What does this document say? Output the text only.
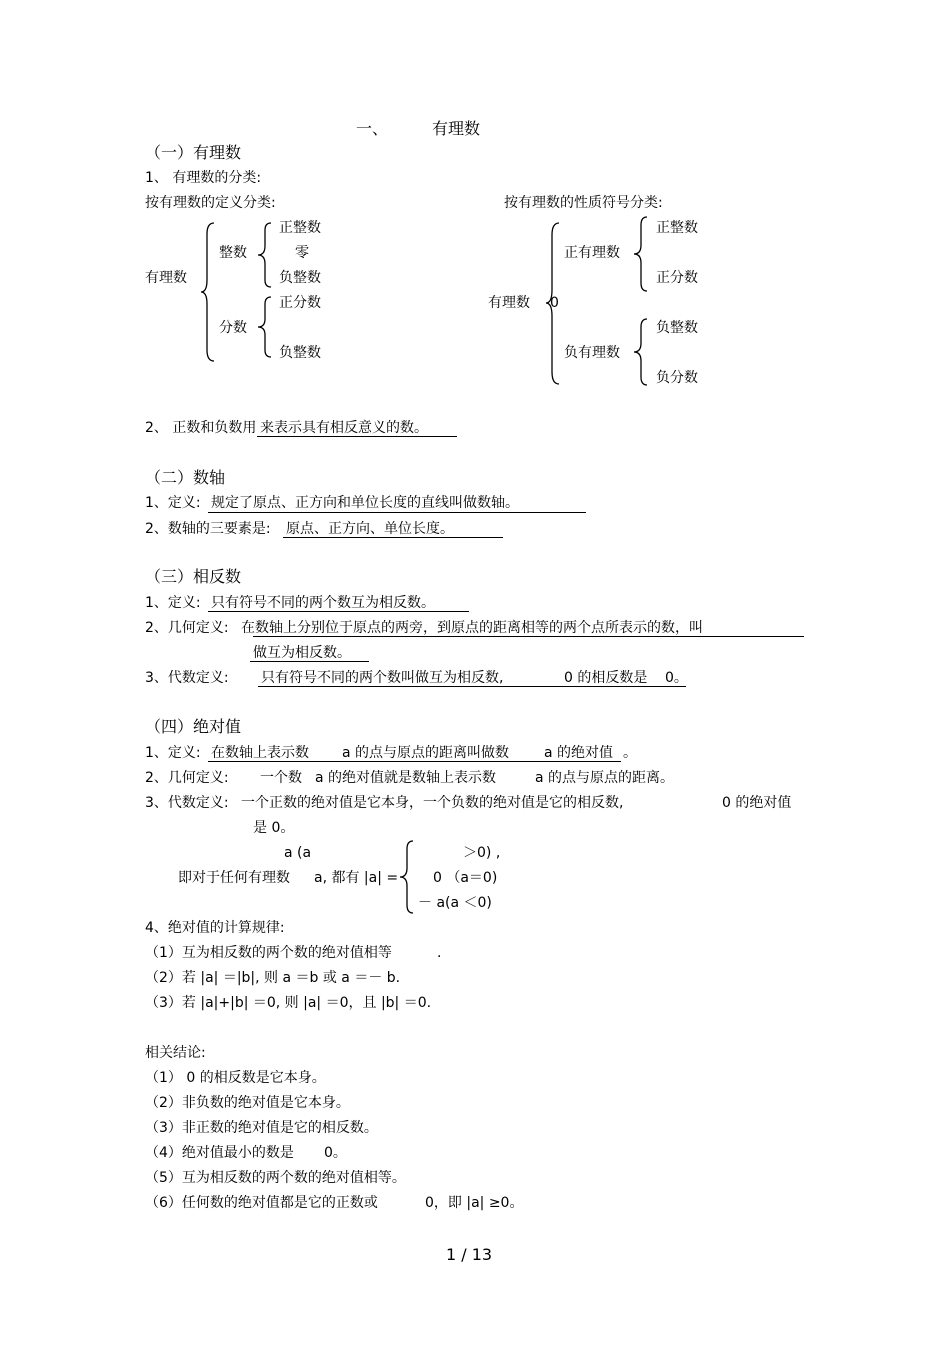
一、	有理数
（一）有理数
1、 有理数的分类:
按有理数的定义分类:	按有理数的性质符号分类:
有理数
整数
正整数
零
负整数
分数
正分数
负整数
有理数 0
正有理数
正整数
正分数
负有理数
负整数
负分数
2、 正数和负数用 来表示具有相反意义的数。
（二）数轴
1、定义: 规定了原点、正方向和单位长度的直线叫做数轴。
2、数轴的三要素是: 原点、正方向、单位长度。
（三）相反数
1、定义: 只有符号不同的两个数互为相反数。
2、几何定义: 在数轴上分别位于原点的两旁，到原点的距离相等的两个点所表示的数，叫
做互为相反数。
3、代数定义: 只有符号不同的两个数叫做互为相反数,	0 的相反数是 0。
（四）绝对值
1、定义: 在数轴上表示数 a 的点与原点的距离叫做数 a 的绝对值 。
2、几何定义: 一个数 a 的绝对值就是数轴上表示数	a 的点与原点的距离。
3、代数定义: 一个正数的绝对值是它本身，一个负数的绝对值是它的相反数,	0 的绝对值
是 0。
a (a
即对于任何有理数 a, 都有 |a| =
＞0) ,
0 （a＝0)
－ a(a ＜0)
4、绝对值的计算规律:
（1）互为相反数的两个数的绝对值相等	.
（2）若 |a| ＝|b|, 则 a ＝b 或 a ＝－ b.
（3）若 |a|+|b| ＝0, 则 |a| ＝0，且 |b| ＝0.
相关结论:
（1） 0 的相反数是它本身。
（2）非负数的绝对值是它本身。
（3）非正数的绝对值是它的相反数。
（4）绝对值最小的数是 0。
（5）互为相反数的两个数的绝对值相等。
（6）任何数的绝对值都是它的正数或	0，即 |a| ≥0。
1 / 13
